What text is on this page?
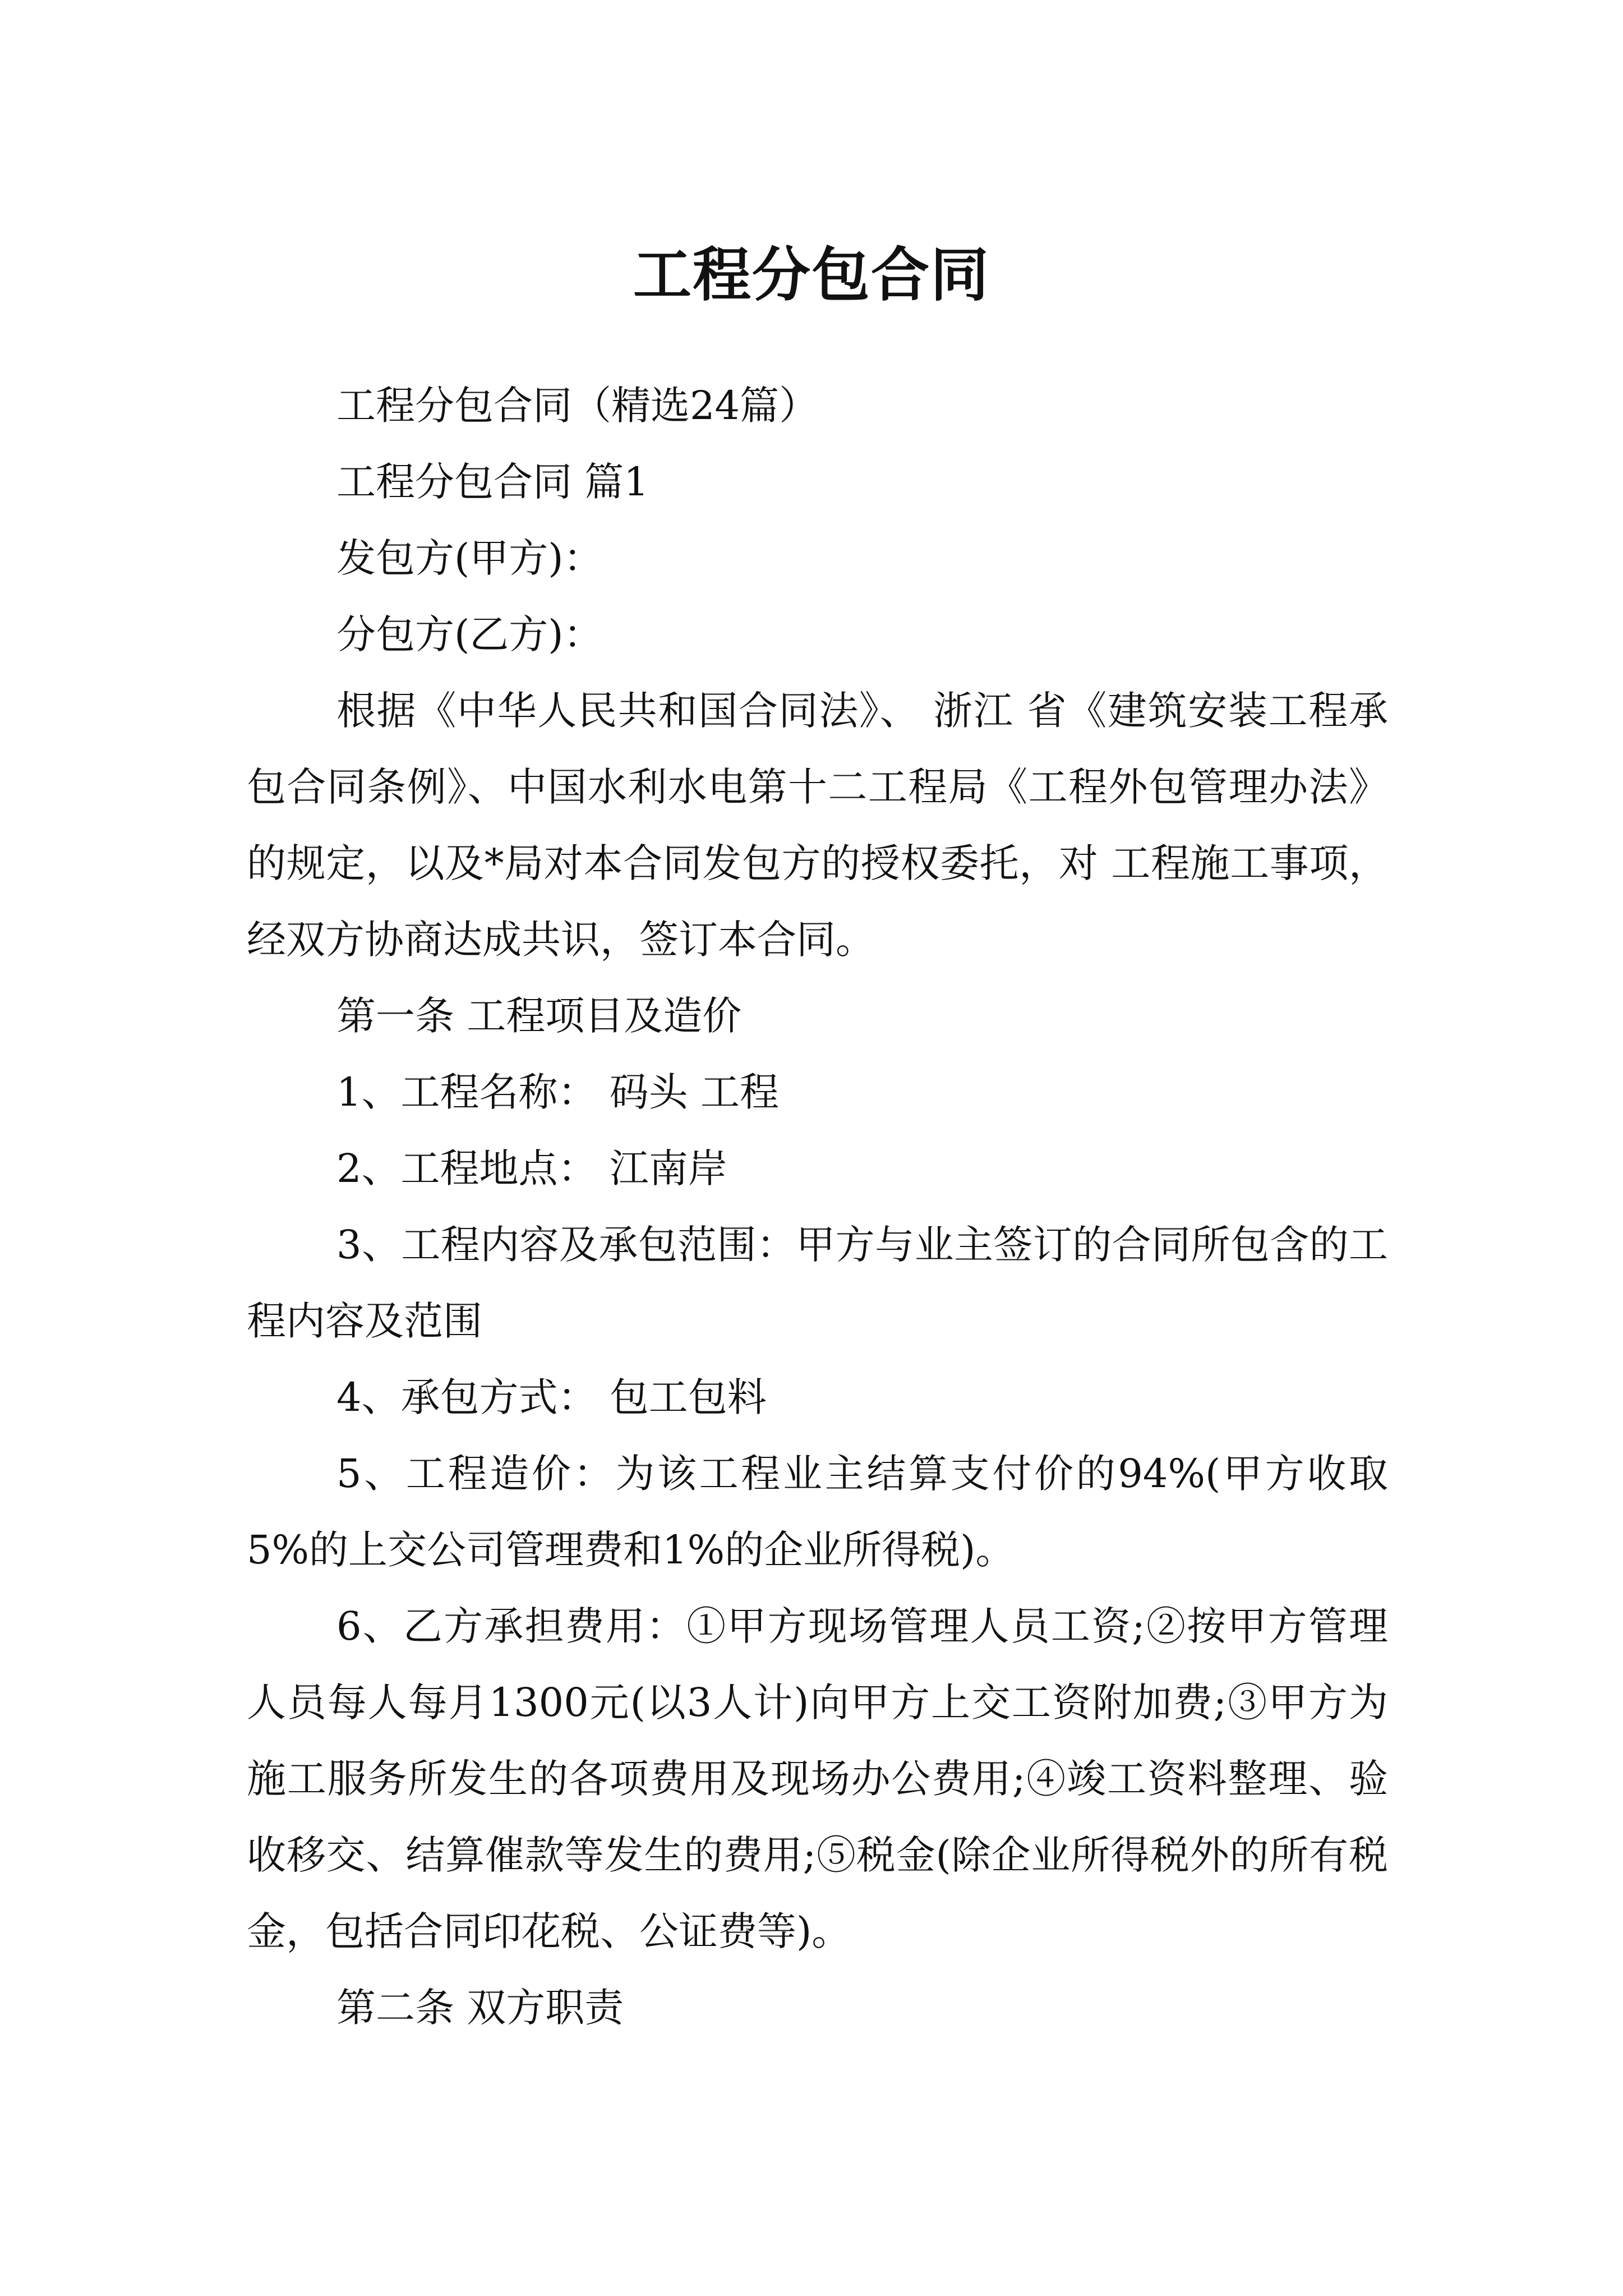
工程分包合同

工程分包合同（精选24篇）

工程分包合同 篇1

发包方(甲方)：

分包方(乙方)：

根据《中华人民共和国合同法》、 浙江 省《建筑安装工程承包合同条例》、中国水利水电第十二工程局《工程外包管理办法》的规定，以及*局对本合同发包方的授权委托，对 工程施工事项，经双方协商达成共识，签订本合同。

第一条 工程项目及造价

1、工程名称： 码头 工程

2、工程地点： 江南岸

3、工程内容及承包范围：甲方与业主签订的合同所包含的工程内容及范围

4、承包方式： 包工包料

5、工程造价：为该工程业主结算支付价的94%(甲方收取5%的上交公司管理费和1%的企业所得税)。

6、乙方承担费用：①甲方现场管理人员工资;②按甲方管理人员每人每月1300元(以3人计)向甲方上交工资附加费;③甲方为施工服务所发生的各项费用及现场办公费用;④竣工资料整理、验收移交、结算催款等发生的费用;⑤税金(除企业所得税外的所有税金，包括合同印花税、公证费等)。

第二条 双方职责
